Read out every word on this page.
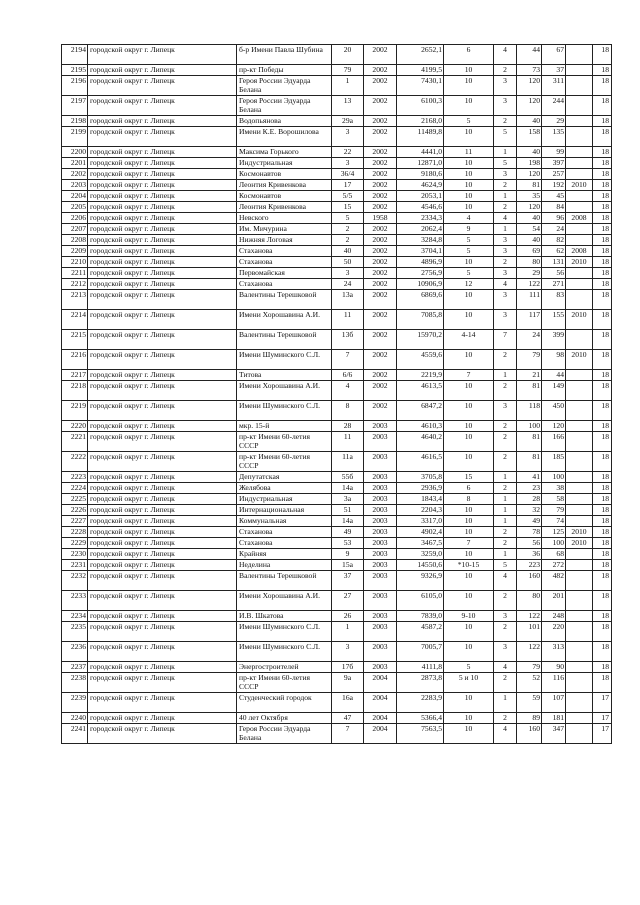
2194	городской округ г. Липецк	б-р Имени Павла Шубина	20	2002	2652,1	6	4	44	67		18
2195	городской округ г. Липецк	пр-кт Победы	79	2002	4199,5	10	2	73	37		18
2196	городской округ г. Липецк	Героя России Эдуарда Белана	1	2002	7430,1	10	3	120	311		18
2197	городской округ г. Липецк	Героя России Эдуарда Белана	13	2002	6100,3	10	3	120	244		18
2198	городской округ г. Липецк	Водопьянова	29а	2002	2168,0	5	2	40	29		18
2199	городской округ г. Липецк	Имени К.Е. Ворошилова	3	2002	11489,8	10	5	158	135		18
2200	городской округ г. Липецк	Максима Горького	22	2002	4441,0	11	1	40	99		18
2201	городской округ г. Липецк	Индустриальная	3	2002	12871,0	10	5	198	397		18
2202	городской округ г. Липецк	Космонавтов	36/4	2002	9180,6	10	3	120	257		18
2203	городской округ г. Липецк	Леонтия Кривенкова	17	2002	4624,9	10	2	81	192	2010	18
2204	городской округ г. Липецк	Космонавтов	5/5	2002	2053,1	10	1	35	45		18
2205	городской округ г. Липецк	Леонтия Кривенкова	15	2002	4546,6	10	2	120	84		18
2206	городской округ г. Липецк	Невского	5	1958	2334,3	4	4	40	96	2008	18
2207	городской округ г. Липецк	Им. Мичурина	2	2002	2062,4	9	1	54	24		18
2208	городской округ г. Липецк	Нижняя Логовая	2	2002	3284,8	5	3	40	82		18
2209	городской округ г. Липецк	Стаханова	40	2002	3704,1	5	3	69	62	2008	18
2210	городской округ г. Липецк	Стаханова	50	2002	4896,9	10	2	80	131	2010	18
2211	городской округ г. Липецк	Первомайская	3	2002	2756,9	5	3	29	56		18
2212	городской округ г. Липецк	Стаханова	24	2002	10906,9	12	4	122	271		18
2213	городской округ г. Липецк	Валентины Терешковой	13а	2002	6869,6	10	3	111	83		18
2214	городской округ г. Липецк	Имени Хорошавина А.И.	11	2002	7085,8	10	3	117	155	2010	18
2215	городской округ г. Липецк	Валентины Терешковой	13б	2002	15970,2	4-14	7	24	399		18
2216	городской округ г. Липецк	Имени Шуминского С.Л.	7	2002	4559,6	10	2	79	98	2010	18
2217	городской округ г. Липецк	Титова	6/6	2002	2219,9	7	1	21	44		18
2218	городской округ г. Липецк	Имени Хорошавина А.И.	4	2002	4613,5	10	2	81	149		18
2219	городской округ г. Липецк	Имени Шуминского С.Л.	8	2002	6847,2	10	3	118	450		18
2220	городской округ г. Липецк	мкр. 15-й	28	2003	4610,3	10	2	100	120		18
2221	городской округ г. Липецк	пр-кт Имени 60-летия СССР	11	2003	4640,2	10	2	81	166		18
2222	городской округ г. Липецк	пр-кт Имени 60-летия СССР	11а	2003	4616,5	10	2	81	185		18
2223	городской округ г. Липецк	Депутатская	55б	2003	3705,8	15	1	41	100		18
2224	городской округ г. Липецк	Желябова	14а	2003	2936,9	6	2	23	38		18
2225	городской округ г. Липецк	Индустриальная	3а	2003	1843,4	8	1	28	58		18
2226	городской округ г. Липецк	Интернациональная	51	2003	2204,3	10	1	32	79		18
2227	городской округ г. Липецк	Коммунальная	14а	2003	3317,0	10	1	49	74		18
2228	городской округ г. Липецк	Стаханова	49	2003	4902,4	10	2	78	125	2010	18
2229	городской округ г. Липецк	Стаханова	53	2003	3467,5	7	2	56	100	2010	18
2230	городской округ г. Липецк	Крайняя	9	2003	3259,0	10	1	36	68		18
2231	городской округ г. Липецк	Неделина	15а	2003	14550,6	*10-15	5	223	272		18
2232	городской округ г. Липецк	Валентины Терешковой	37	2003	9326,9	10	4	160	482		18
2233	городской округ г. Липецк	Имени Хорошавина А.И.	27	2003	6105,0	10	2	80	201		18
2234	городской округ г. Липецк	И.В. Шкатова	26	2003	7839,0	9-10	3	122	248		18
2235	городской округ г. Липецк	Имени Шуминского С.Л.	1	2003	4587,2	10	2	101	220		18
2236	городской округ г. Липецк	Имени Шуминского С.Л.	3	2003	7005,7	10	3	122	313		18
2237	городской округ г. Липецк	Энергостроителей	17б	2003	4111,8	5	4	79	90		18
2238	городской округ г. Липецк	пр-кт Имени 60-летия СССР	9а	2004	2873,8	5 и 10	2	52	116		18
2239	городской округ г. Липецк	Студенческий городок	16а	2004	2283,9	10	1	59	107		17
2240	городской округ г. Липецк	40 лет Октября	47	2004	5366,4	10	2	89	181		17
2241	городской округ г. Липецк	Героя России Эдуарда Белана	7	2004	7563,5	10	4	160	347		17
